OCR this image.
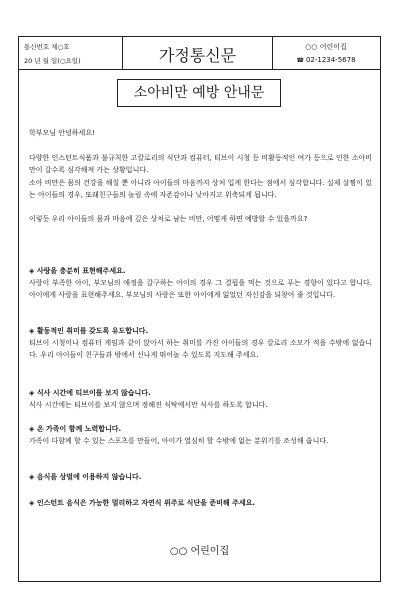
통신번호 제○호
20 년 월 일(○요일)	가정통신문	○○ 어린이집
☎ 02-1234-5678
소아비만 예방 안내문
학부모님 안녕하세요!
다양한 인스턴트식품과 불규칙한 고칼로리의 식단과 컴퓨터, 티브이 시청 등 비활동적인 여가 등으로 인한 소아비만이 갈수록 심각해져 가는 상황입니다.
소아 비만은 몸의 건강을 해칠 뿐 아니라 아이들의 마음까지 상처 입게 한다는 점에서 심각합니다. 실제 살찜이 있는 아이들의 경우, 또래친구들의 놀림 속에 자존감이나 낮아지고 위축되게 됩니다.
이렇듯 우리 아이들의 몸과 마음에 깊은 상처로 남는 비만, 어떻게 하면 예방할 수 있을까요?
◈ 사랑을 충분히 표현해주세요.
사랑이 부족한 아이, 부모님의 애정을 갈구하는 아이의 경우 그 결핍을 먹는 것으로 푸는 경향이 있다고 합니다. 아이에게 사랑을 표현해주세요. 부모님의 사랑은 또한 아이에게 잃었던 자신감을 되찾아 줄 것입니다.
◈ 활동적인 취미를 갖도록 유도합니다.
티브이 시청이나 컴퓨터 게임과 같이 앉아서 하는 취미를 가진 아이들의 경우 칼로리 소모가 적을 수밖에 없습니다. 우리 아이들이 친구들과 밖에서 신나게 뛰어놀 수 있도록 지도해 주세요.
◈ 식사 시간에 티브이를 보지 않습니다.
식사 시간에는 티브이를 보지 않으며 정해진 식탁에서만 식사를 하도록 합니다.
◈ 온 가족이 함께 노력합니다.
가족이 다함께 할 수 있는 스포츠를 만들어, 아이가 열심히 할 수밖에 없는 분위기를 조성해 줍니다.
◈ 음식을 상벌에 이용하지 않습니다.
◈ 인스턴트 음식은 가능한 멀리하고 자연식 위주로 식단을 준비해 주세요.
○○ 어린이집
